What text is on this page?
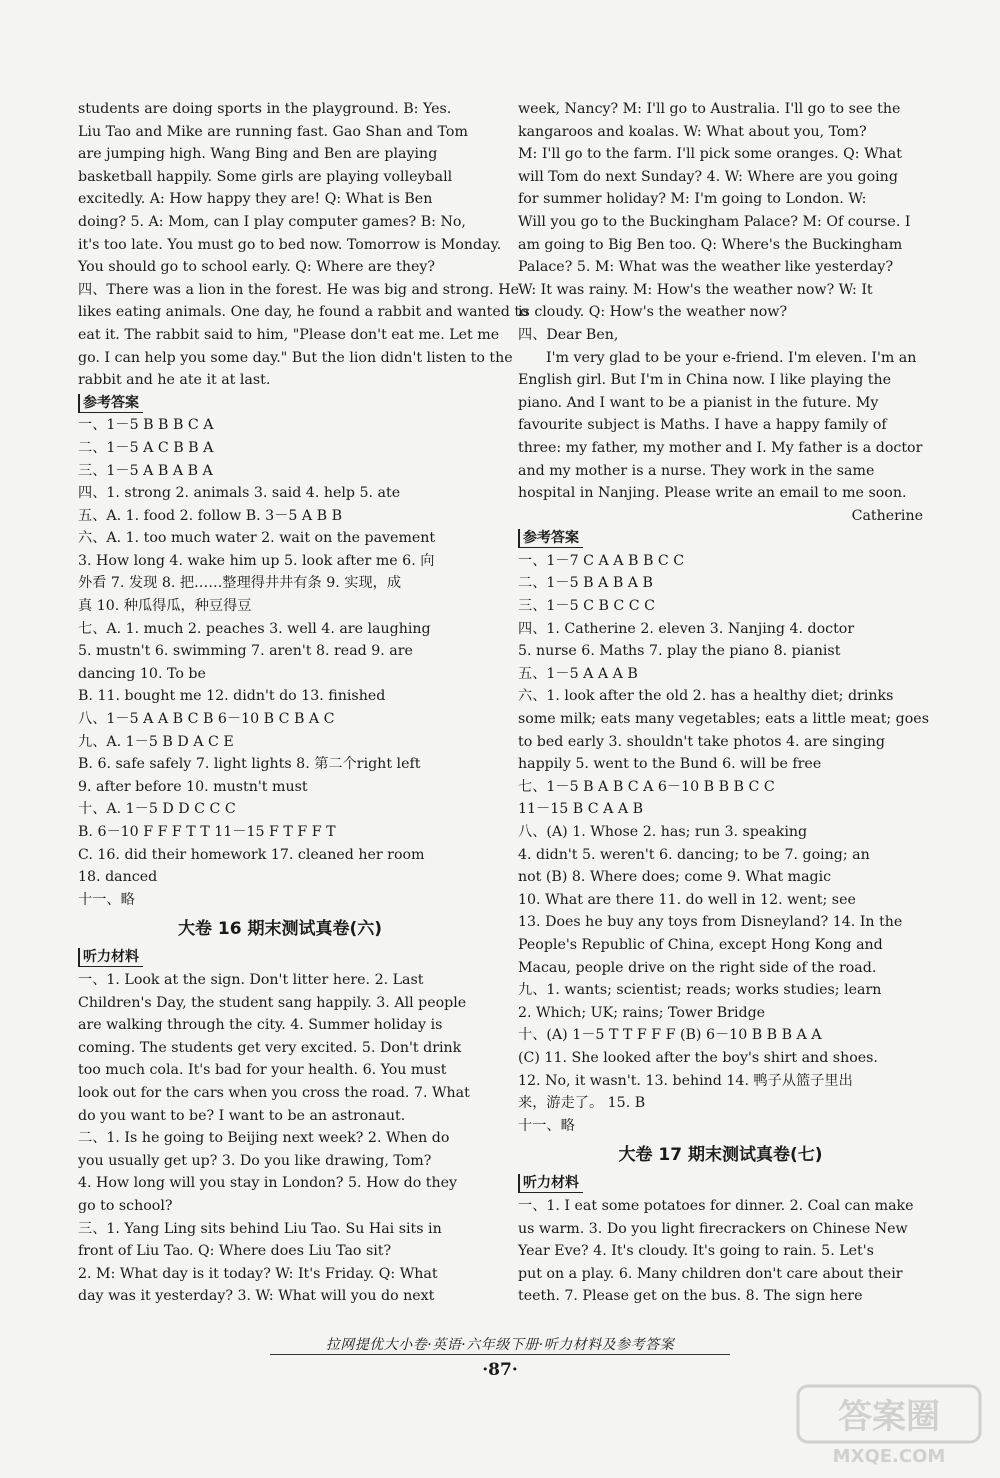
students are doing sports in the playground. B: Yes.
Liu Tao and Mike are running fast. Gao Shan and Tom
are jumping high. Wang Bing and Ben are playing
basketball happily. Some girls are playing volleyball
excitedly. A: How happy they are! Q: What is Ben
doing? 5. A: Mom, can I play computer games? B: No,
it's too late. You must go to bed now. Tomorrow is Monday.
You should go to school early. Q: Where are they?
四、There was a lion in the forest. He was big and strong. He
likes eating animals. One day, he found a rabbit and wanted to
eat it. The rabbit said to him, "Please don't eat me. Let me
go. I can help you some day." But the lion didn't listen to the
rabbit and he ate it at last.
参考答案
一、1－5 B B B C A
二、1－5 A C B B A
三、1－5 A B A B A
四、1. strong 2. animals 3. said 4. help 5. ate
五、A. 1. food 2. follow B. 3－5 A B B
六、A. 1. too much water 2. wait on the pavement
3. How long 4. wake him up 5. look after me 6. 向
外看 7. 发现 8. 把……整理得井井有条 9. 实现，成
真 10. 种瓜得瓜，种豆得豆
七、A. 1. much 2. peaches 3. well 4. are laughing
5. mustn't 6. swimming 7. aren't 8. read 9. are
dancing 10. To be
B. 11. bought me 12. didn't do 13. finished
八、1－5 A A B C B 6－10 B C B A C
九、A. 1－5 B D A C E
B. 6. safe safely 7. light lights 8. 第二个right left
9. after before 10. mustn't must
十、A. 1－5 D D C C C
B. 6－10 F F F T T 11－15 F T F F T
C. 16. did their homework 17. cleaned her room
18. danced
十一、略
大卷 16 期末测试真卷(六)
听力材料
一、1. Look at the sign. Don't litter here. 2. Last
Children's Day, the student sang happily. 3. All people
are walking through the city. 4. Summer holiday is
coming. The students get very excited. 5. Don't drink
too much cola. It's bad for your health. 6. You must
look out for the cars when you cross the road. 7. What
do you want to be? I want to be an astronaut.
二、1. Is he going to Beijing next week? 2. When do
you usually get up? 3. Do you like drawing, Tom?
4. How long will you stay in London? 5. How do they
go to school?
三、1. Yang Ling sits behind Liu Tao. Su Hai sits in
front of Liu Tao. Q: Where does Liu Tao sit?
2. M: What day is it today? W: It's Friday. Q: What
day was it yesterday? 3. W: What will you do next
week, Nancy? M: I'll go to Australia. I'll go to see the
kangaroos and koalas. W: What about you, Tom?
M: I'll go to the farm. I'll pick some oranges. Q: What
will Tom do next Sunday? 4. W: Where are you going
for summer holiday? M: I'm going to London. W:
Will you go to the Buckingham Palace? M: Of course. I
am going to Big Ben too. Q: Where's the Buckingham
Palace? 5. M: What was the weather like yesterday?
W: It was rainy. M: How's the weather now? W: It
is cloudy. Q: How's the weather now?
四、Dear Ben,
I'm very glad to be your e-friend. I'm eleven. I'm an
English girl. But I'm in China now. I like playing the
piano. And I want to be a pianist in the future. My
favourite subject is Maths. I have a happy family of
three: my father, my mother and I. My father is a doctor
and my mother is a nurse. They work in the same
hospital in Nanjing. Please write an email to me soon.
Catherine
参考答案
一、1－7 C A A B B C C
二、1－5 B A B A B
三、1－5 C B C C C
四、1. Catherine 2. eleven 3. Nanjing 4. doctor
5. nurse 6. Maths 7. play the piano 8. pianist
五、1－5 A A A B
六、1. look after the old 2. has a healthy diet; drinks
some milk; eats many vegetables; eats a little meat; goes
to bed early 3. shouldn't take photos 4. are singing
happily 5. went to the Bund 6. will be free
七、1－5 B A B C A 6－10 B B B C C
11－15 B C A A B
八、(A) 1. Whose 2. has; run 3. speaking
4. didn't 5. weren't 6. dancing; to be 7. going; an
not (B) 8. Where does; come 9. What magic
10. What are there 11. do well in 12. went; see
13. Does he buy any toys from Disneyland? 14. In the
People's Republic of China, except Hong Kong and
Macau, people drive on the right side of the road.
九、1. wants; scientist; reads; works studies; learn
2. Which; UK; rains; Tower Bridge
十、(A) 1－5 T T F F F (B) 6－10 B B B A A
(C) 11. She looked after the boy's shirt and shoes.
12. No, it wasn't. 13. behind 14. 鸭子从篮子里出
来，游走了。 15. B
十一、略
大卷 17 期末测试真卷(七)
听力材料
一、1. I eat some potatoes for dinner. 2. Coal can make
us warm. 3. Do you light firecrackers on Chinese New
Year Eve? 4. It's cloudy. It's going to rain. 5. Let's
put on a play. 6. Many children don't care about their
teeth. 7. Please get on the bus. 8. The sign here
拉网提优大小卷·英语·六年级下册·听力材料及参考答案
·87·
答案圈
MXQE.COM
